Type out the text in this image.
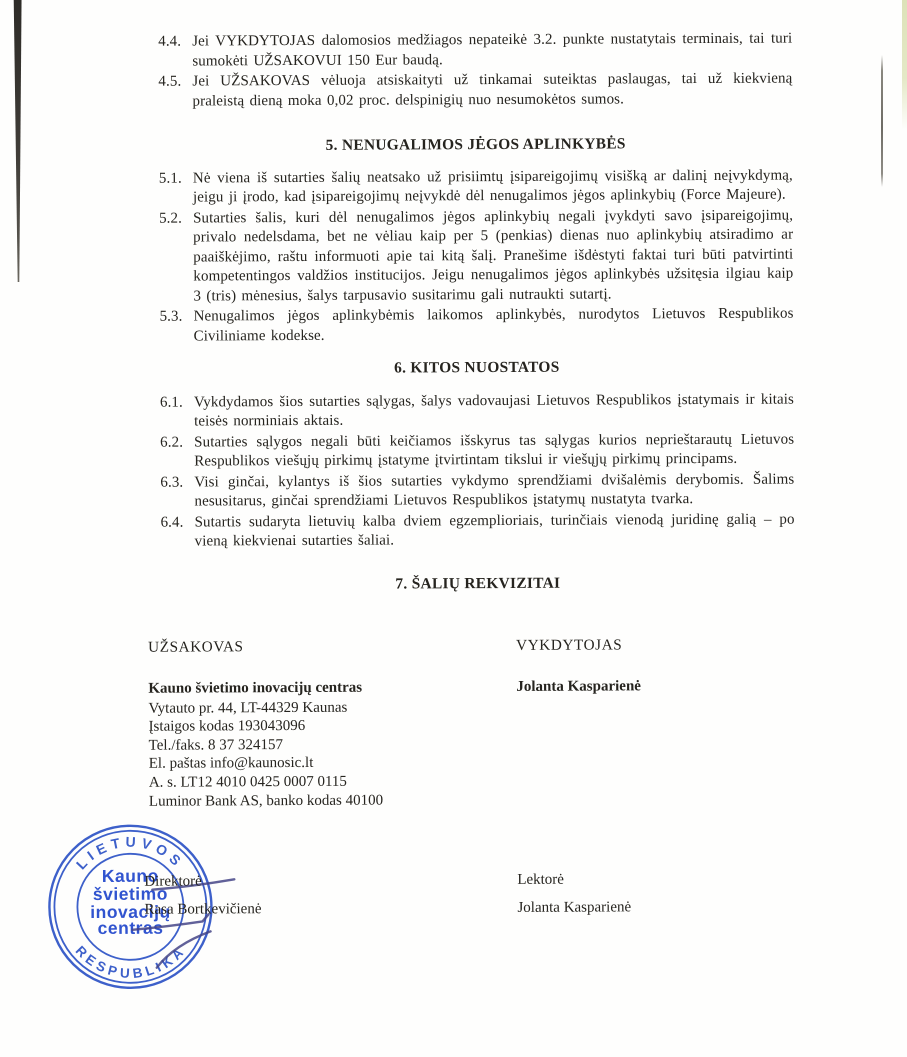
4.4. Jei VYKDYTOJAS dalomosios medžiagos nepateikė 3.2. punkte nustatytais terminais, tai turi sumokėti UŽSAKOVUI 150 Eur baudą.
4.5. Jei UŽSAKOVAS vėluoja atsiskaityti už tinkamai suteiktas paslaugas, tai už kiekvieną praleistą dieną moka 0,02 proc. delspinigių nuo nesumokėtos sumos.

5. NENUGALIMOS JĖGOS APLINKYBĖS

5.1. Nė viena iš sutarties šalių neatsako už prisiimtų įsipareigojimų visišką ar dalinį neįvykdymą, jeigu ji įrodo, kad įsipareigojimų neįvykdė dėl nenugalimos jėgos aplinkybių (Force Majeure).
5.2. Sutarties šalis, kuri dėl nenugalimos jėgos aplinkybių negali įvykdyti savo įsipareigojimų, privalo nedelsdama, bet ne vėliau kaip per 5 (penkias) dienas nuo aplinkybių atsiradimo ar paaiškėjimo, raštu informuoti apie tai kitą šalį. Pranešime išdėstyti faktai turi būti patvirtinti kompetentingos valdžios institucijos. Jeigu nenugalimos jėgos aplinkybės užsitęsia ilgiau kaip 3 (tris) mėnesius, šalys tarpusavio susitarimu gali nutraukti sutartį.
5.3. Nenugalimos jėgos aplinkybėmis laikomos aplinkybės, nurodytos Lietuvos Respublikos Civiliniame kodekse.

6. KITOS NUOSTATOS

6.1. Vykdydamos šios sutarties sąlygas, šalys vadovaujasi Lietuvos Respublikos įstatymais ir kitais teisės norminiais aktais.
6.2. Sutarties sąlygos negali būti keičiamos išskyrus tas sąlygas kurios neprieštarautų Lietuvos Respublikos viešųjų pirkimų įstatyme įtvirtintam tikslui ir viešųjų pirkimų principams.
6.3. Visi ginčai, kylantys iš šios sutarties vykdymo sprendžiami dvišalėmis derybomis. Šalims nesusitarus, ginčai sprendžiami Lietuvos Respublikos įstatymų nustatyta tvarka.
6.4. Sutartis sudaryta lietuvių kalba dviem egzemplioriais, turinčiais vienodą juridinę galią – po vieną kiekvienai sutarties šaliai.

7. ŠALIŲ REKVIZITAI

UŽSAKOVAS

Kauno švietimo inovacijų centras
Vytauto pr. 44, LT-44329 Kaunas
Įstaigos kodas 193043096
Tel./faks. 8 37 324157
El. paštas info@kaunosic.lt
A. s. LT12 4010 0425 0007 0115
Luminor Bank AS, banko kodas 40100

VYKDYTOJAS

Jolanta Kasparienė
Direktorė
Rasa Bortkevičienė
Lektorė
Jolanta Kasparienė
LIETUVOS
RESPUBLIKA
Kauno
švietimo
inovacijų
centras
